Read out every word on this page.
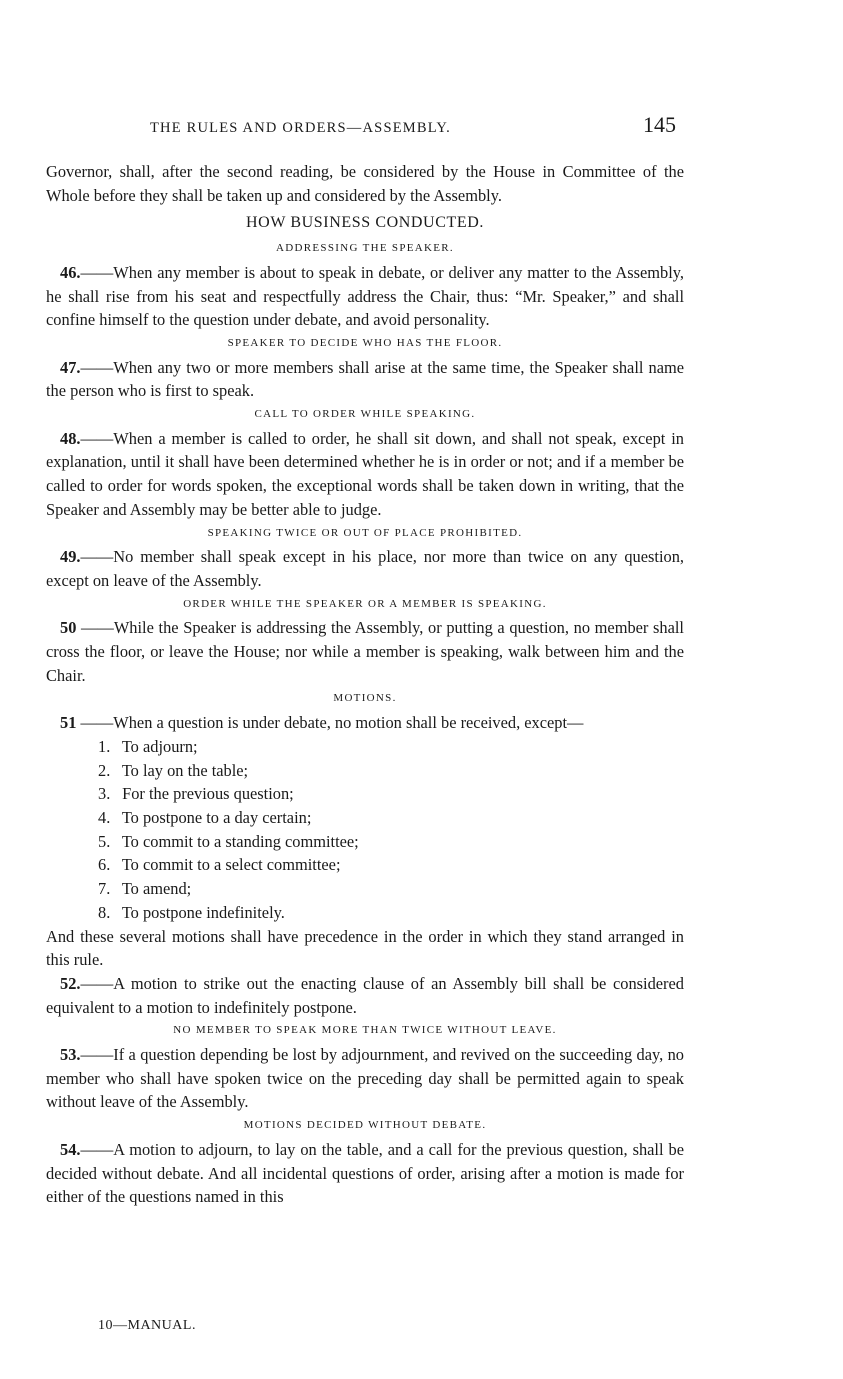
THE RULES AND ORDERS—ASSEMBLY.	145

Governor, shall, after the second reading, be considered by the House in Committee of the Whole before they shall be taken up and considered by the Assembly.

HOW BUSINESS CONDUCTED.
ADDRESSING THE SPEAKER.

46.——When any member is about to speak in debate, or deliver any matter to the Assembly, he shall rise from his seat and respectfully address the Chair, thus: “Mr. Speaker,” and shall confine himself to the question under debate, and avoid personality.

SPEAKER TO DECIDE WHO HAS THE FLOOR.

47.——When any two or more members shall arise at the same time, the Speaker shall name the person who is first to speak.

CALL TO ORDER WHILE SPEAKING.

48.——When a member is called to order, he shall sit down, and shall not speak, except in explanation, until it shall have been determined whether he is in order or not; and if a member be called to order for words spoken, the exceptional words shall be taken down in writing, that the Speaker and Assembly may be better able to judge.

SPEAKING TWICE OR OUT OF PLACE PROHIBITED.

49.——No member shall speak except in his place, nor more than twice on any question, except on leave of the Assembly.

ORDER WHILE THE SPEAKER OR A MEMBER IS SPEAKING.

50 ——While the Speaker is addressing the Assembly, or putting a question, no member shall cross the floor, or leave the House; nor while a member is speaking, walk between him and the Chair.

MOTIONS.

51 ——When a question is under debate, no motion shall be received, except—

1. To adjourn;
2. To lay on the table;
3. For the previous question;
4. To postpone to a day certain;
5. To commit to a standing committee;
6. To commit to a select committee;
7. To amend;
8. To postpone indefinitely.

And these several motions shall have precedence in the order in which they stand arranged in this rule.

52.——A motion to strike out the enacting clause of an Assembly bill shall be considered equivalent to a motion to indefinitely postpone.

NO MEMBER TO SPEAK MORE THAN TWICE WITHOUT LEAVE.

53.——If a question depending be lost by adjournment, and revived on the succeeding day, no member who shall have spoken twice on the preceding day shall be permitted again to speak without leave of the Assembly.

MOTIONS DECIDED WITHOUT DEBATE.

54.——A motion to adjourn, to lay on the table, and a call for the previous question, shall be decided without debate. And all incidental questions of order, arising after a motion is made for either of the questions named in this

10—MANUAL.
